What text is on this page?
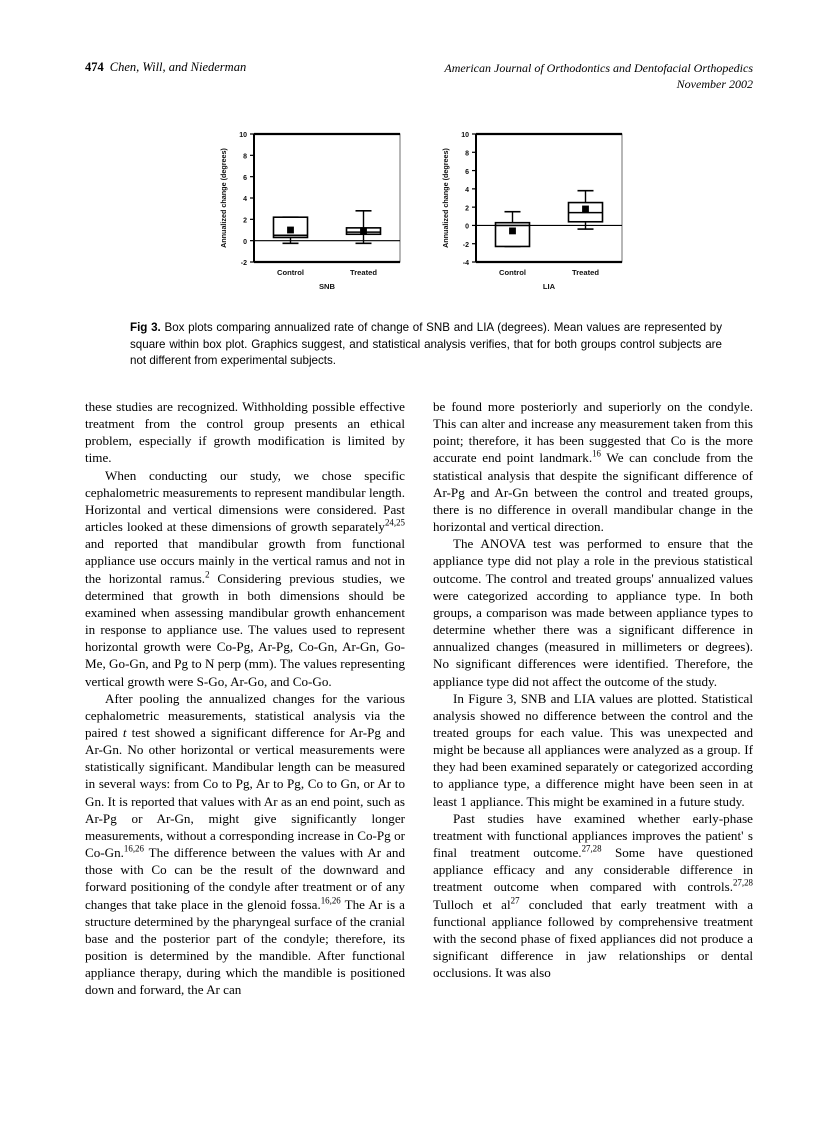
474 Chen, Will, and Niederman	American Journal of Orthodontics and Dentofacial Orthopedics
November 2002
-2
0
2
4
6
8
10
Control	Treated
SNB
Annualized change (degrees)
-4
-2
0
2
4
6
8
10
Control	Treated
LIA
Annualized change (degrees)
Fig 3. Box plots comparing annualized rate of change of SNB and LIA (degrees). Mean values are represented by square within box plot. Graphics suggest, and statistical analysis verifies, that for both groups control subjects are not different from experimental subjects.

these studies are recognized. Withholding possible effective treatment from the control group presents an ethical problem, especially if growth modification is limited by time.

When conducting our study, we chose specific cephalometric measurements to represent mandibular length. Horizontal and vertical dimensions were considered. Past articles looked at these dimensions of growth separately$^{24,25}$ and reported that mandibular growth from functional appliance use occurs mainly in the vertical ramus and not in the horizontal ramus.$^2$ Considering previous studies, we determined that growth in both dimensions should be examined when assessing mandibular growth enhancement in response to appliance use. The values used to represent horizontal growth were Co-Pg, Ar-Pg, Co-Gn, Ar-Gn, Go-Me, Go-Gn, and Pg to N perp (mm). The values representing vertical growth were S-Go, Ar-Go, and Co-Go.

After pooling the annualized changes for the various cephalometric measurements, statistical analysis via the paired t test showed a significant difference for Ar-Pg and Ar-Gn. No other horizontal or vertical measurements were statistically significant. Mandibular length can be measured in several ways: from Co to Pg, Ar to Pg, Co to Gn, or Ar to Gn. It is reported that values with Ar as an end point, such as Ar-Pg or Ar-Gn, might give significantly longer measurements, without a corresponding increase in Co-Pg or Co-Gn.$^{16,26}$ The difference between the values with Ar and those with Co can be the result of the downward and forward positioning of the condyle after treatment or of any changes that take place in the glenoid fossa.$^{16,26}$ The Ar is a structure determined by the pharyngeal surface of the cranial base and the posterior part of the condyle; therefore, its position is determined by the mandible. After functional appliance therapy, during which the mandible is positioned down and forward, the Ar can

be found more posteriorly and superiorly on the condyle. This can alter and increase any measurement taken from this point; therefore, it has been suggested that Co is the more accurate end point landmark.$^{16}$ We can conclude from the statistical analysis that despite the significant difference of Ar-Pg and Ar-Gn between the control and treated groups, there is no difference in overall mandibular change in the horizontal and vertical direction.

The ANOVA test was performed to ensure that the appliance type did not play a role in the previous statistical outcome. The control and treated groups' annualized values were categorized according to appliance type. In both groups, a comparison was made between appliance types to determine whether there was a significant difference in annualized changes (measured in millimeters or degrees). No significant differences were identified. Therefore, the appliance type did not affect the outcome of the study.

In Figure 3, SNB and LIA values are plotted. Statistical analysis showed no difference between the control and the treated groups for each value. This was unexpected and might be because all appliances were analyzed as a group. If they had been examined separately or categorized according to appliance type, a difference might have been seen in at least 1 appliance. This might be examined in a future study.

Past studies have examined whether early-phase treatment with functional appliances improves the patient' s final treatment outcome.$^{27,28}$ Some have questioned appliance efficacy and any considerable difference in treatment outcome when compared with controls.$^{27,28}$ Tulloch et $al^{27}$ concluded that early treatment with a functional appliance followed by comprehensive treatment with the second phase of fixed appliances did not produce a significant difference in jaw relationships or dental occlusions. It was also
